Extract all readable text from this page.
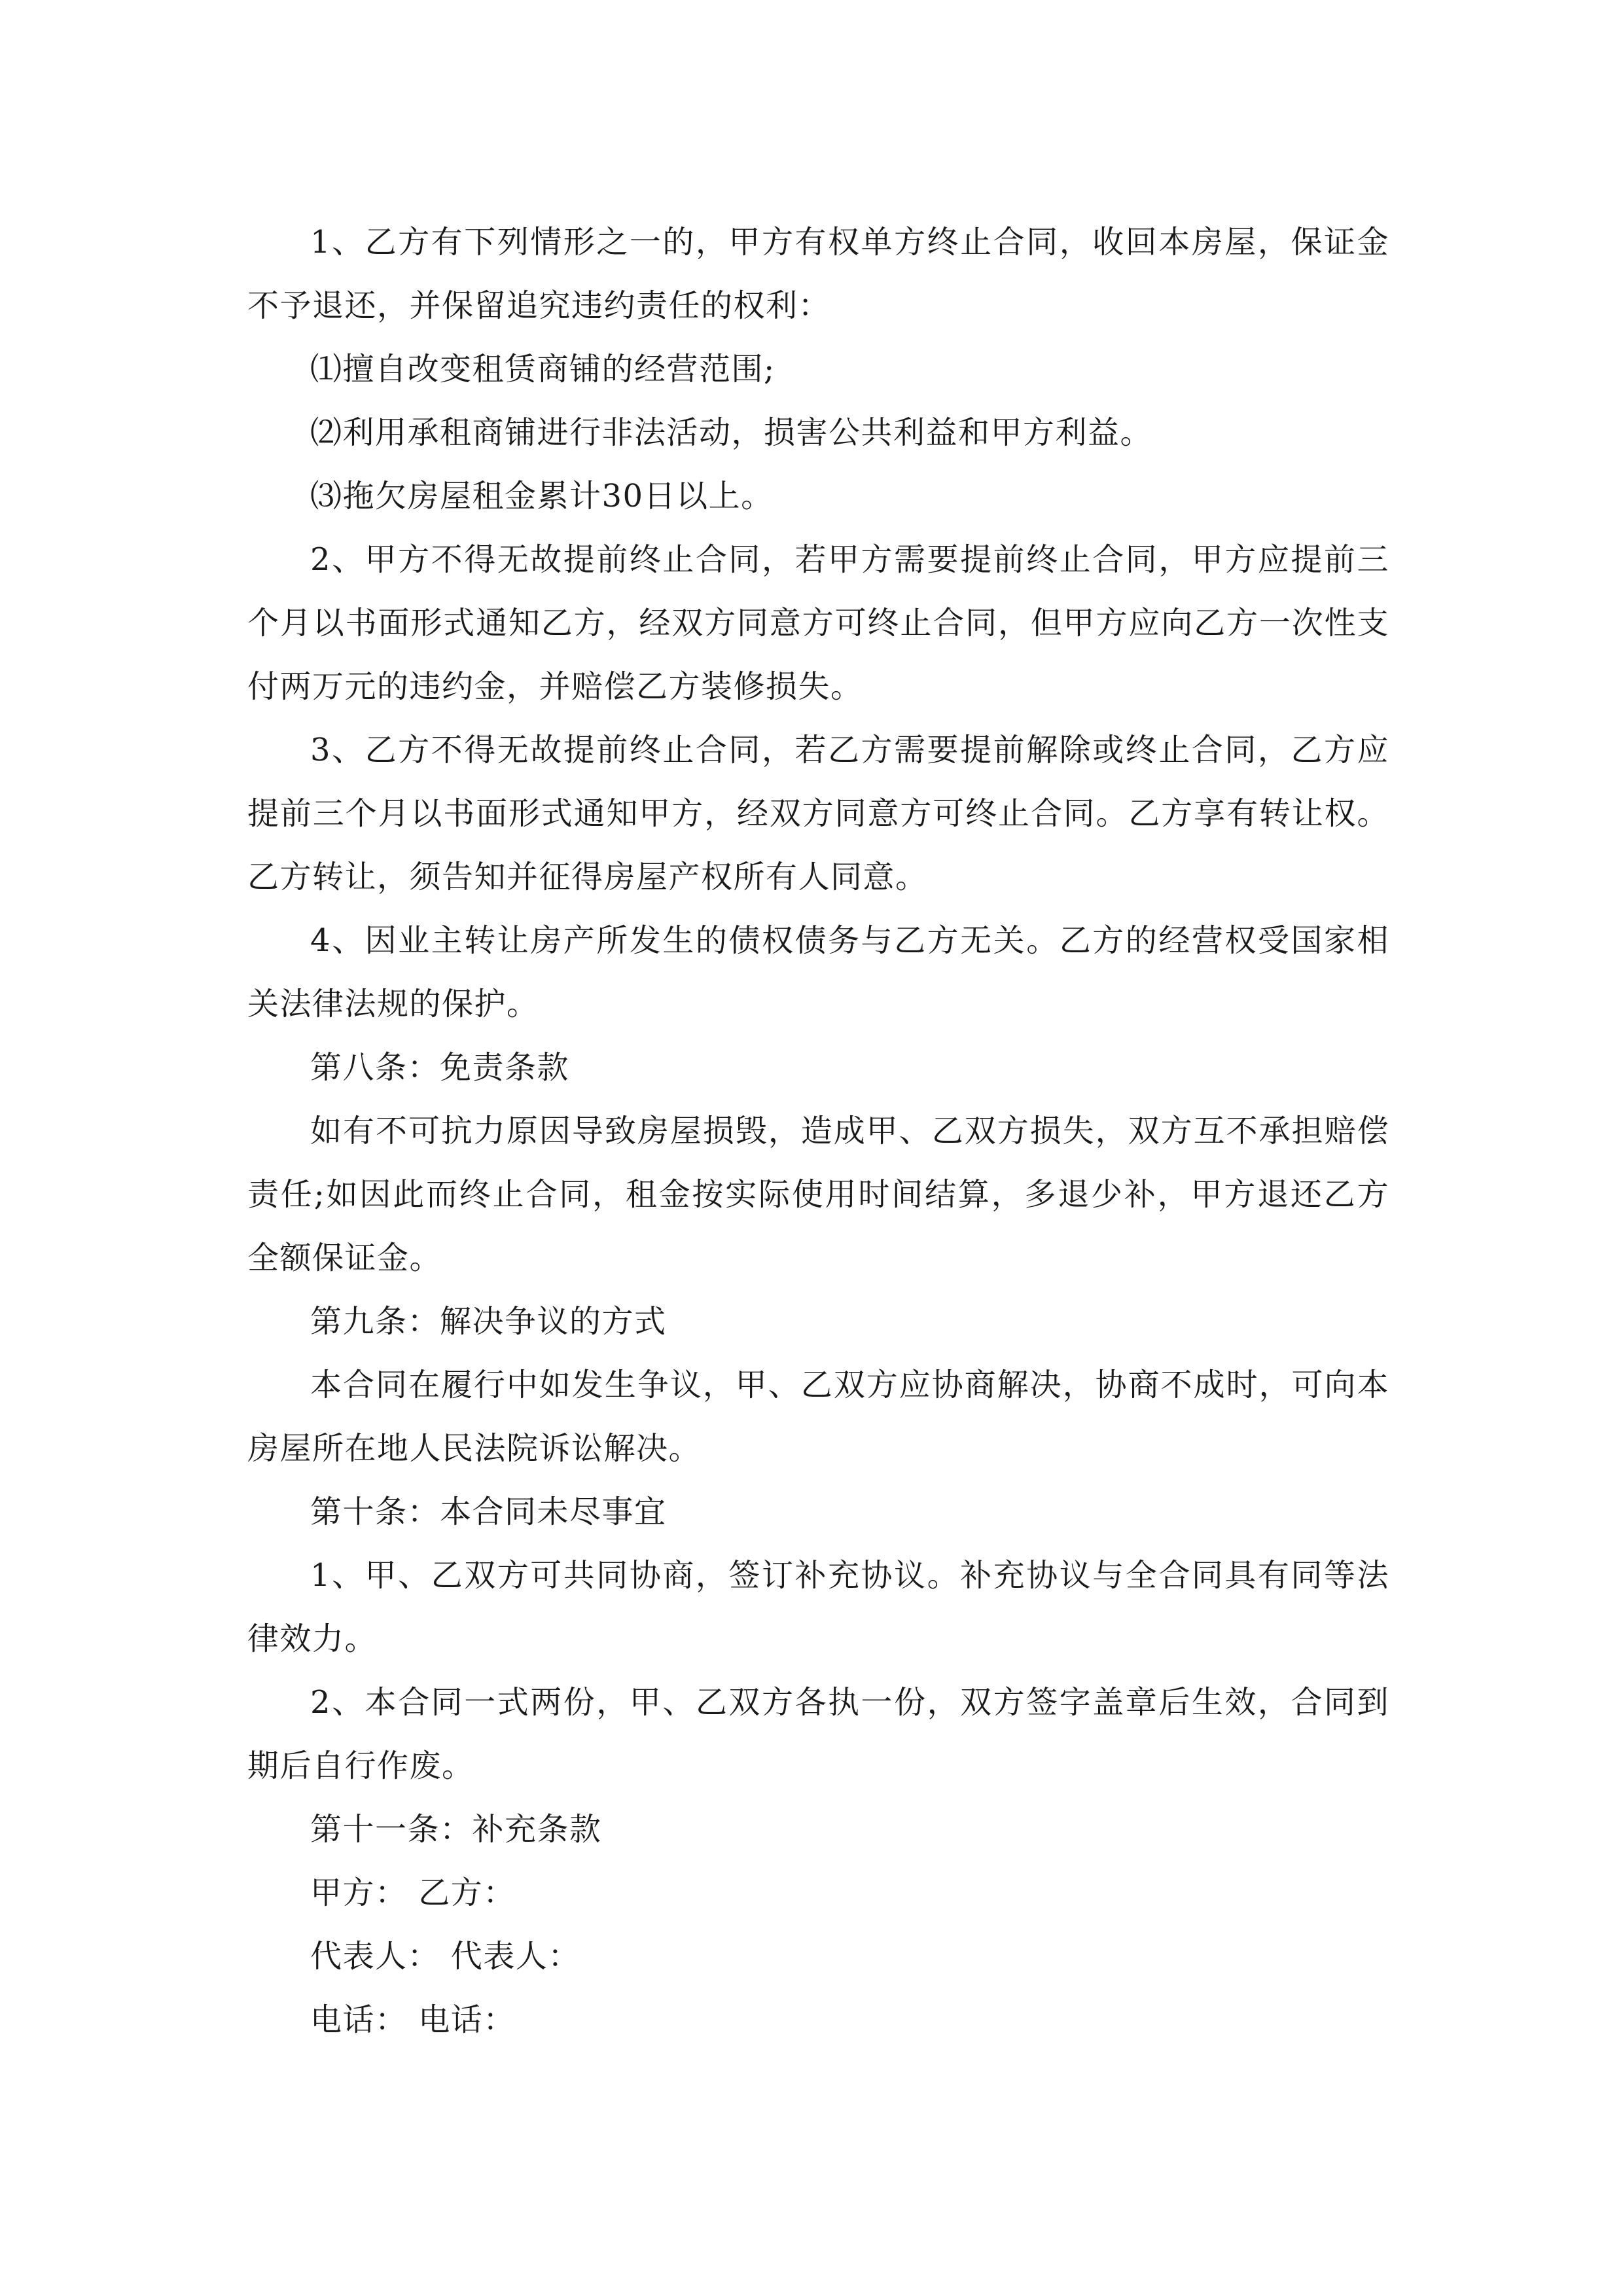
1、乙方有下列情形之一的，甲方有权单方终止合同，收回本房屋，保证金不予退还，并保留追究违约责任的权利：

⑴擅自改变租赁商铺的经营范围;

⑵利用承租商铺进行非法活动，损害公共利益和甲方利益。

⑶拖欠房屋租金累计30日以上。

2、甲方不得无故提前终止合同，若甲方需要提前终止合同，甲方应提前三个月以书面形式通知乙方，经双方同意方可终止合同，但甲方应向乙方一次性支付两万元的违约金，并赔偿乙方装修损失。

3、乙方不得无故提前终止合同，若乙方需要提前解除或终止合同，乙方应提前三个月以书面形式通知甲方，经双方同意方可终止合同。乙方享有转让权。乙方转让，须告知并征得房屋产权所有人同意。

4、因业主转让房产所发生的债权债务与乙方无关。乙方的经营权受国家相关法律法规的保护。

第八条：免责条款

如有不可抗力原因导致房屋损毁，造成甲、乙双方损失，双方互不承担赔偿责任;如因此而终止合同，租金按实际使用时间结算，多退少补，甲方退还乙方全额保证金。

第九条：解决争议的方式

本合同在履行中如发生争议，甲、乙双方应协商解决，协商不成时，可向本房屋所在地人民法院诉讼解决。

第十条：本合同未尽事宜

1、甲、乙双方可共同协商，签订补充协议。补充协议与全合同具有同等法律效力。

2、本合同一式两份，甲、乙双方各执一份，双方签字盖章后生效，合同到期后自行作废。

第十一条：补充条款

甲方： 乙方：

代表人： 代表人：

电话： 电话：
